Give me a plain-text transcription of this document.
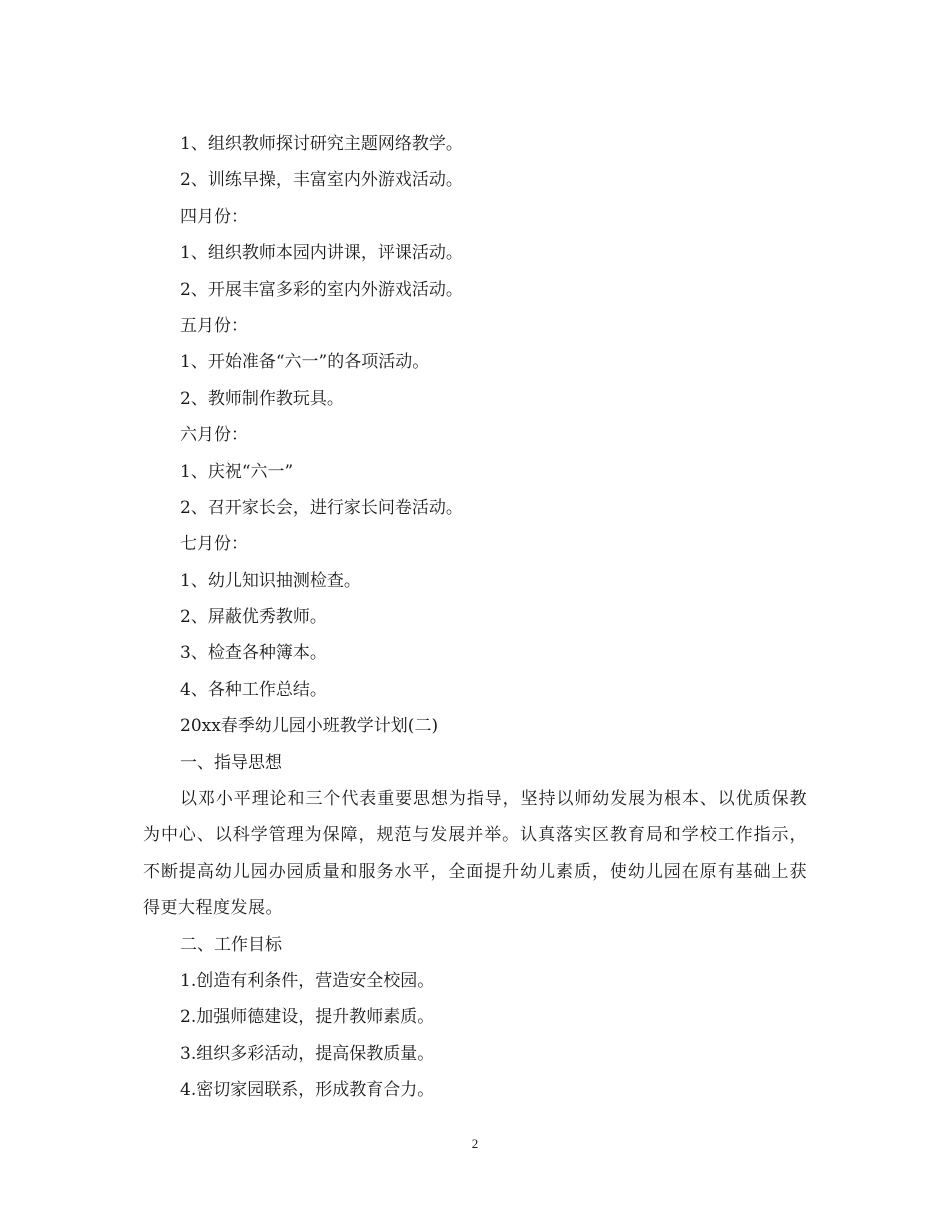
1、组织教师探讨研究主题网络教学。

2、训练早操，丰富室内外游戏活动。

四月份：

1、组织教师本园内讲课，评课活动。

2、开展丰富多彩的室内外游戏活动。

五月份：

1、开始准备“六一”的各项活动。

2、教师制作教玩具。

六月份：

1、庆祝“六一”

2、召开家长会，进行家长问卷活动。

七月份：

1、幼儿知识抽测检查。

2、屏蔽优秀教师。

3、检查各种簿本。

4、各种工作总结。

20xx春季幼儿园小班教学计划(二)

一、指导思想

以邓小平理论和三个代表重要思想为指导，坚持以师幼发展为根本、以优质保教为中心、以科学管理为保障，规范与发展并举。认真落实区教育局和学校工作指示，不断提高幼儿园办园质量和服务水平，全面提升幼儿素质，使幼儿园在原有基础上获得更大程度发展。

二、工作目标

1.创造有利条件，营造安全校园。

2.加强师德建设，提升教师素质。

3.组织多彩活动，提高保教质量。

4.密切家园联系，形成教育合力。

2
